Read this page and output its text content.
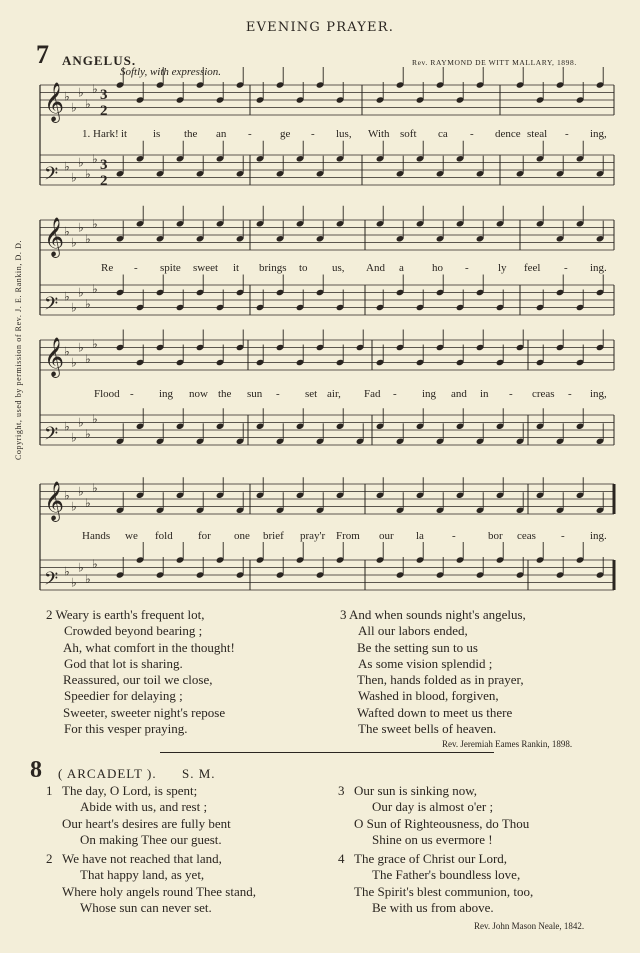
EVENING PRAYER.
7 ANGELUS.	Rev. RAYMOND DE WITT MALLARY, 1898.
Softly, with expression.
Copyright, used by permission of Rev. J. E. Rankin, D. D.
𝄞 ♭
♭
♭
♭
♭
𝄢 ♭
♭
♭
♭
♭
𝄞 ♭
♭
♭
♭
♭
𝄢 ♭
♭
♭
♭
♭
𝄞 ♭
♭
♭
♭
♭
𝄢 ♭
♭
♭
♭
♭
𝄞 ♭
♭
♭
♭
♭
𝄢 ♭
♭
♭
♭
♭
3
2
3
2
1. Hark! it is the an -	ge - lus, With soft ca - dence steal - ing,
Re - spite sweet it brings to us, And a	ho -	ly feel - ing.
Flood - ing now the sun - set air, Fad - ing and in - creas - ing,
Hands we fold for one brief pray'r From our la	-	bor ceas - ing.
2 Weary is earth's frequent lot,
Crowded beyond bearing ;
Ah, what comfort in the thought!
God that lot is sharing.
Reassured, our toil we close,
Speedier for delaying ;
Sweeter, sweeter night's repose
For this vesper praying.
3 And when sounds night's angelus,
All our labors ended,
Be the setting sun to us
As some vision splendid ;
Then, hands folded as in prayer,
Washed in blood, forgiven,
Wafted down to meet us there
The sweet bells of heaven.
Rev. Jeremiah Eames Rankin, 1898.
8 ( ARCADELT ). S. M.
1 The day, O Lord, is spent;
Abide with us, and rest ;
Our heart's desires are fully bent
On making Thee our guest.
2 We have not reached that land,
That happy land, as yet,
Where holy angels round Thee stand,
Whose sun can never set.
3 Our sun is sinking now,
Our day is almost o'er ;
O Sun of Righteousness, do Thou
Shine on us evermore !
4 The grace of Christ our Lord,
The Father's boundless love,
The Spirit's blest communion, too,
Be with us from above.
Rev. John Mason Neale, 1842.
